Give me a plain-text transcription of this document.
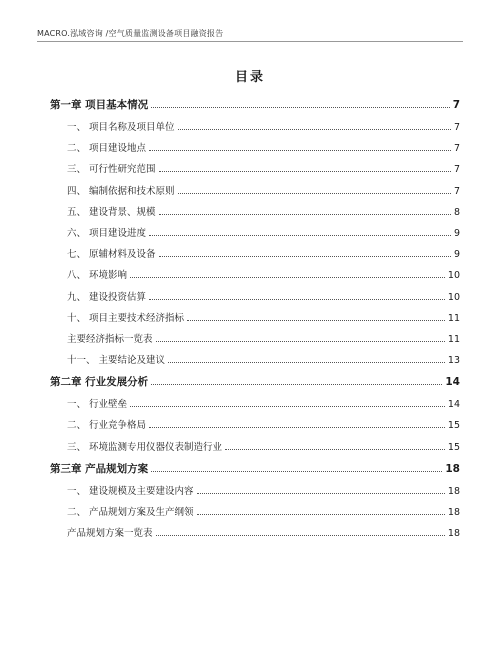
MACRO.泓域咨询 /空气质量监测设备项目融资报告
目录
第一章 项目基本情况	7
一、 项目名称及项目单位	7
二、 项目建设地点	7
三、 可行性研究范围	7
四、 编制依据和技术原则	7
五、 建设背景、规模	8
六、 项目建设进度	9
七、 原辅材料及设备	9
八、 环境影响	10
九、 建设投资估算	10
十、 项目主要技术经济指标	11
主要经济指标一览表	11
十一、 主要结论及建议	13
第二章 行业发展分析	14
一、 行业壁垒	14
二、 行业竞争格局	15
三、 环境监测专用仪器仪表制造行业	15
第三章 产品规划方案	18
一、 建设规模及主要建设内容	18
二、 产品规划方案及生产纲领	18
产品规划方案一览表	18
